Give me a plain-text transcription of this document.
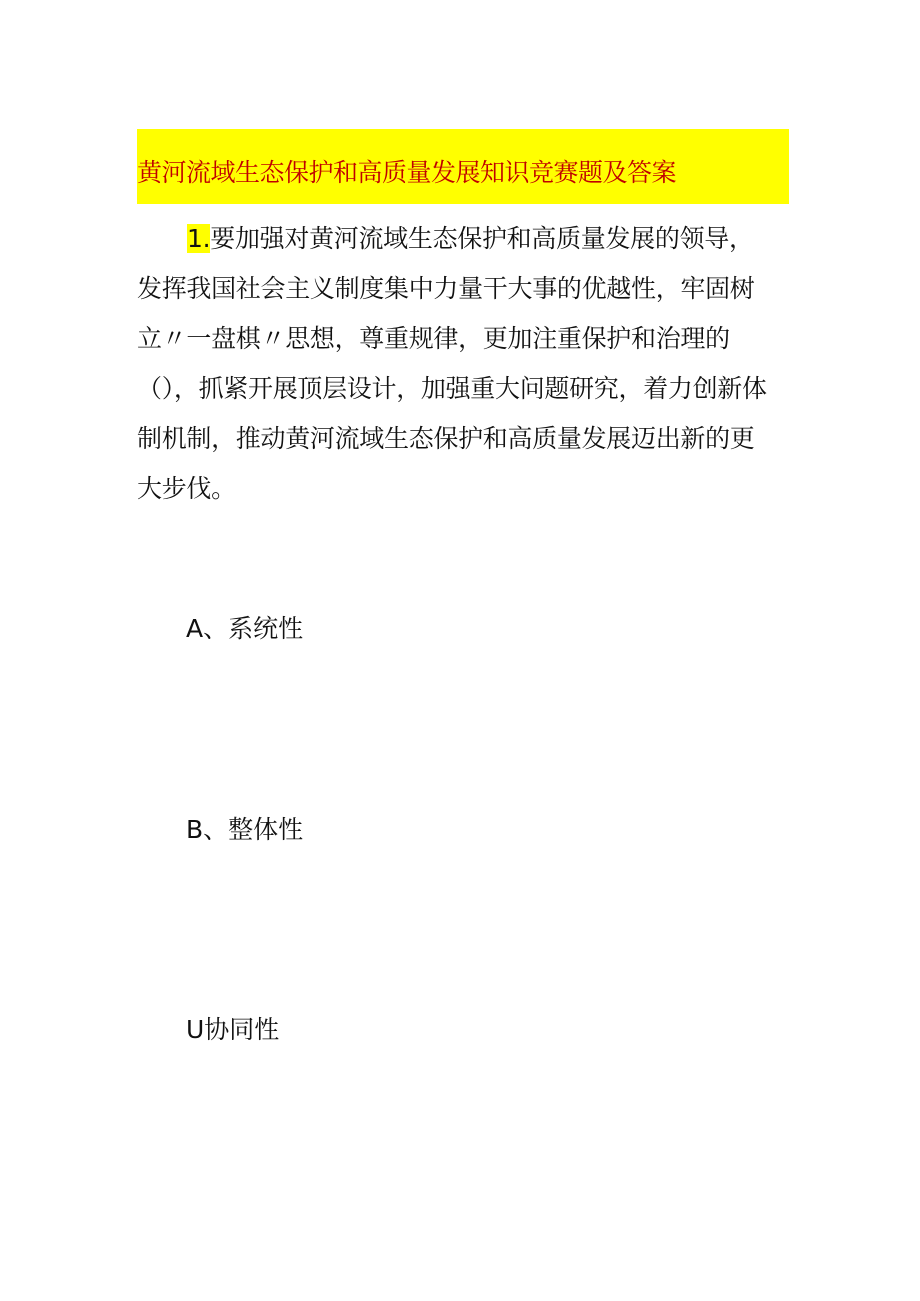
黄河流域生态保护和高质量发展知识竞赛题及答案
1.要加强对黄河流域生态保护和高质量发展的领导，发挥我国社会主义制度集中力量干大事的优越性，牢固树立〃一盘棋〃思想，尊重规律，更加注重保护和治理的（），抓紧开展顶层设计，加强重大问题研究，着力创新体制机制，推动黄河流域生态保护和高质量发展迈出新的更大步伐。
A、系统性
B、整体性
U协同性
